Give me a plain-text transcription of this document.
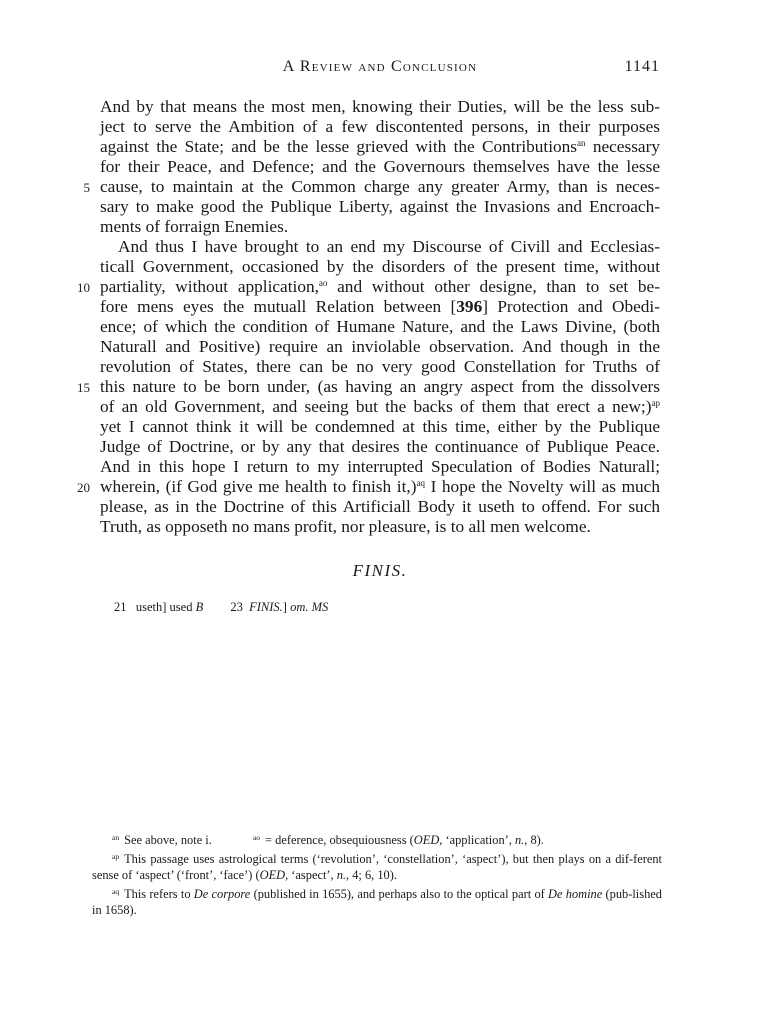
A Review and Conclusion	1141
And by that means the most men, knowing their Duties, will be the less sub-
ject to serve the Ambition of a few discontented persons, in their purposes
against the State; and be the lesse grieved with the Contributions$^{an}$ necessary
for their Peace, and Defence; and the Governours themselves have the lesse
cause, to maintain at the Common charge any greater Army, than is neces-
sary to make good the Publique Liberty, against the Invasions and Encroach-
ments of forraign Enemies.
And thus I have brought to an end my Discourse of Civill and Ecclesias-
ticall Government, occasioned by the disorders of the present time, without
partiality, without application,$^{ao}$ and without other designe, than to set be-
fore mens eyes the mutuall Relation between [396] Protection and Obedi-
ence; of which the condition of Humane Nature, and the Laws Divine, (both
Naturall and Positive) require an inviolable observation. And though in the
revolution of States, there can be no very good Constellation for Truths of
this nature to be born under, (as having an angry aspect from the dissolvers
of an old Government, and seeing but the backs of them that erect a new;)$^{ap}$
yet I cannot think it will be condemned at this time, either by the Publique
Judge of Doctrine, or by any that desires the continuance of Publique Peace.
And in this hope I return to my interrupted Speculation of Bodies Naturall;
wherein, (if God give me health to finish it,)$^{aq}$ I hope the Novelty will as much
please, as in the Doctrine of this Artificiall Body it useth to offend. For such
Truth, as opposeth no mans profit, nor pleasure, is to all men welcome.
5
10
15
20
FINIS.
21 useth] used B 23 FINIS.] om. MS
$^{an}$ See above, note i.	$^{ao}$ = deference, obsequiousness (OED, ‘application’, n., 8).
$^{ap}$ This passage uses astrological terms (‘revolution’, ‘constellation’, ‘aspect’), but then plays on a dif-ferent sense of ‘aspect’ (‘front’, ‘face’) (OED, ‘aspect’, n., 4; 6, 10).
$^{aq}$ This refers to De corpore (published in 1655), and perhaps also to the optical part of De homine (pub-lished in 1658).
